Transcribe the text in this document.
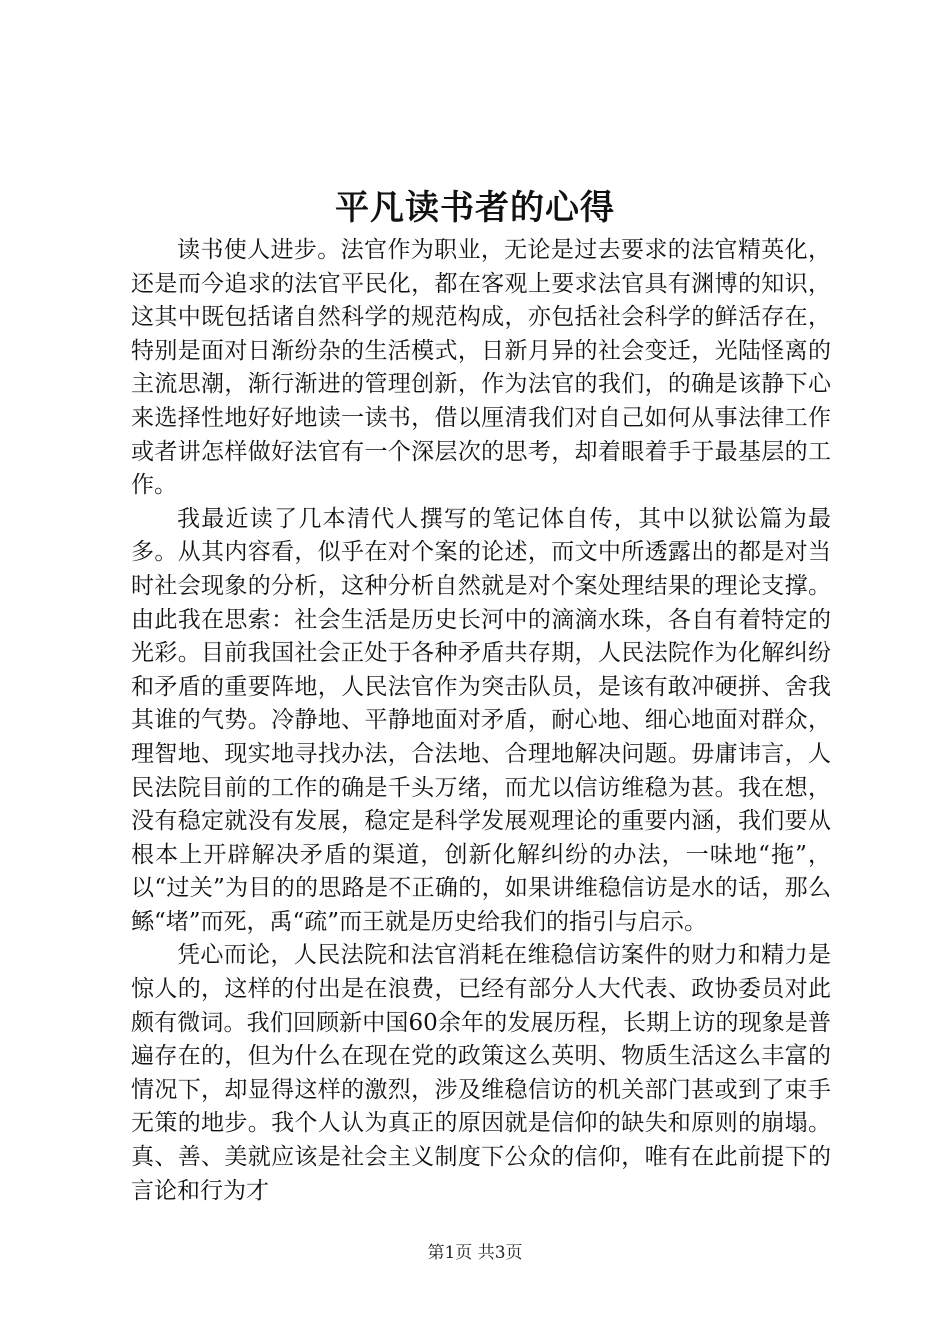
平凡读书者的心得

读书使人进步。法官作为职业，无论是过去要求的法官精英化，还是而今追求的法官平民化，都在客观上要求法官具有渊博的知识，这其中既包括诸自然科学的规范构成，亦包括社会科学的鲜活存在，特别是面对日渐纷杂的生活模式，日新月异的社会变迁，光陆怪离的主流思潮，渐行渐进的管理创新，作为法官的我们，的确是该静下心来选择性地好好地读一读书，借以厘清我们对自己如何从事法律工作或者讲怎样做好法官有一个深层次的思考，却着眼着手于最基层的工作。

我最近读了几本清代人撰写的笔记体自传，其中以狱讼篇为最多。从其内容看，似乎在对个案的论述，而文中所透露出的都是对当时社会现象的分析，这种分析自然就是对个案处理结果的理论支撑。由此我在思索：社会生活是历史长河中的滴滴水珠，各自有着特定的光彩。目前我国社会正处于各种矛盾共存期，人民法院作为化解纠纷和矛盾的重要阵地，人民法官作为突击队员，是该有敢冲硬拼、舍我其谁的气势。冷静地、平静地面对矛盾，耐心地、细心地面对群众，理智地、现实地寻找办法，合法地、合理地解决问题。毋庸讳言，人民法院目前的工作的确是千头万绪，而尤以信访维稳为甚。我在想，没有稳定就没有发展，稳定是科学发展观理论的重要内涵，我们要从根本上开辟解决矛盾的渠道，创新化解纠纷的办法，一味地“拖”，以“过关”为目的的思路是不正确的，如果讲维稳信访是水的话，那么鲧“堵”而死，禹“疏”而王就是历史给我们的指引与启示。

凭心而论，人民法院和法官消耗在维稳信访案件的财力和精力是惊人的，这样的付出是在浪费，已经有部分人大代表、政协委员对此颇有微词。我们回顾新中国60余年的发展历程，长期上访的现象是普遍存在的，但为什么在现在党的政策这么英明、物质生活这么丰富的情况下，却显得这样的激烈，涉及维稳信访的机关部门甚或到了束手无策的地步。我个人认为真正的原因就是信仰的缺失和原则的崩塌。真、善、美就应该是社会主义制度下公众的信仰，唯有在此前提下的言论和行为才

第1页 共3页
